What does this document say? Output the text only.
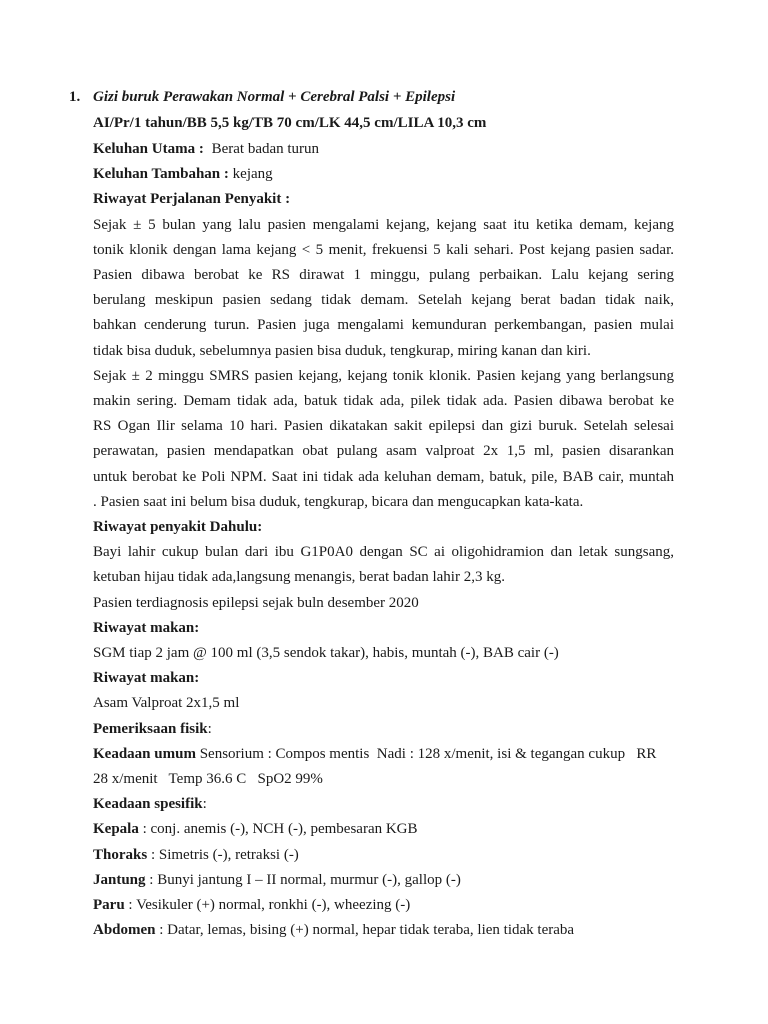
1. Gizi buruk Perawakan Normal + Cerebral Palsi + Epilepsi
AI/Pr/1 tahun/BB 5,5 kg/TB 70 cm/LK 44,5 cm/LILA 10,3 cm
Keluhan Utama : Berat badan turun
Keluhan Tambahan : kejang
Riwayat Perjalanan Penyakit :
Sejak ± 5 bulan yang lalu pasien mengalami kejang, kejang saat itu ketika demam, kejang
tonik klonik dengan lama kejang < 5 menit, frekuensi 5 kali sehari. Post kejang pasien sadar.
Pasien dibawa berobat ke RS dirawat 1 minggu, pulang perbaikan. Lalu kejang sering
berulang meskipun pasien sedang tidak demam. Setelah kejang berat badan tidak naik,
bahkan cenderung turun. Pasien juga mengalami kemunduran perkembangan, pasien mulai
tidak bisa duduk, sebelumnya pasien bisa duduk, tengkurap, miring kanan dan kiri.
Sejak ± 2 minggu SMRS pasien kejang, kejang tonik klonik. Pasien kejang yang berlangsung
makin sering. Demam tidak ada, batuk tidak ada, pilek tidak ada. Pasien dibawa berobat ke
RS Ogan Ilir selama 10 hari. Pasien dikatakan sakit epilepsi dan gizi buruk. Setelah selesai
perawatan, pasien mendapatkan obat pulang asam valproat 2x 1,5 ml, pasien disarankan
untuk berobat ke Poli NPM. Saat ini tidak ada keluhan demam, batuk, pile, BAB cair, muntah
. Pasien saat ini belum bisa duduk, tengkurap, bicara dan mengucapkan kata-kata.
Riwayat penyakit Dahulu:
Bayi lahir cukup bulan dari ibu G1P0A0 dengan SC ai oligohidramion dan letak sungsang,
ketuban hijau tidak ada,langsung menangis, berat badan lahir 2,3 kg.
Pasien terdiagnosis epilepsi sejak buln desember 2020
Riwayat makan:
SGM tiap 2 jam @ 100 ml (3,5 sendok takar), habis, muntah (-), BAB cair (-)
Riwayat makan:
Asam Valproat 2x1,5 ml
Pemeriksaan fisik:
Keadaan umum Sensorium : Compos mentis  Nadi : 128 x/menit, isi & tegangan cukup   RR
28 x/menit   Temp 36.6 C   SpO2 99%
Keadaan spesifik:
Kepala : conj. anemis (-), NCH (-), pembesaran KGB
Thoraks : Simetris (-), retraksi (-)
Jantung : Bunyi jantung I – II normal, murmur (-), gallop (-)
Paru : Vesikuler (+) normal, ronkhi (-), wheezing (-)
Abdomen : Datar, lemas, bising (+) normal, hepar tidak teraba, lien tidak teraba
